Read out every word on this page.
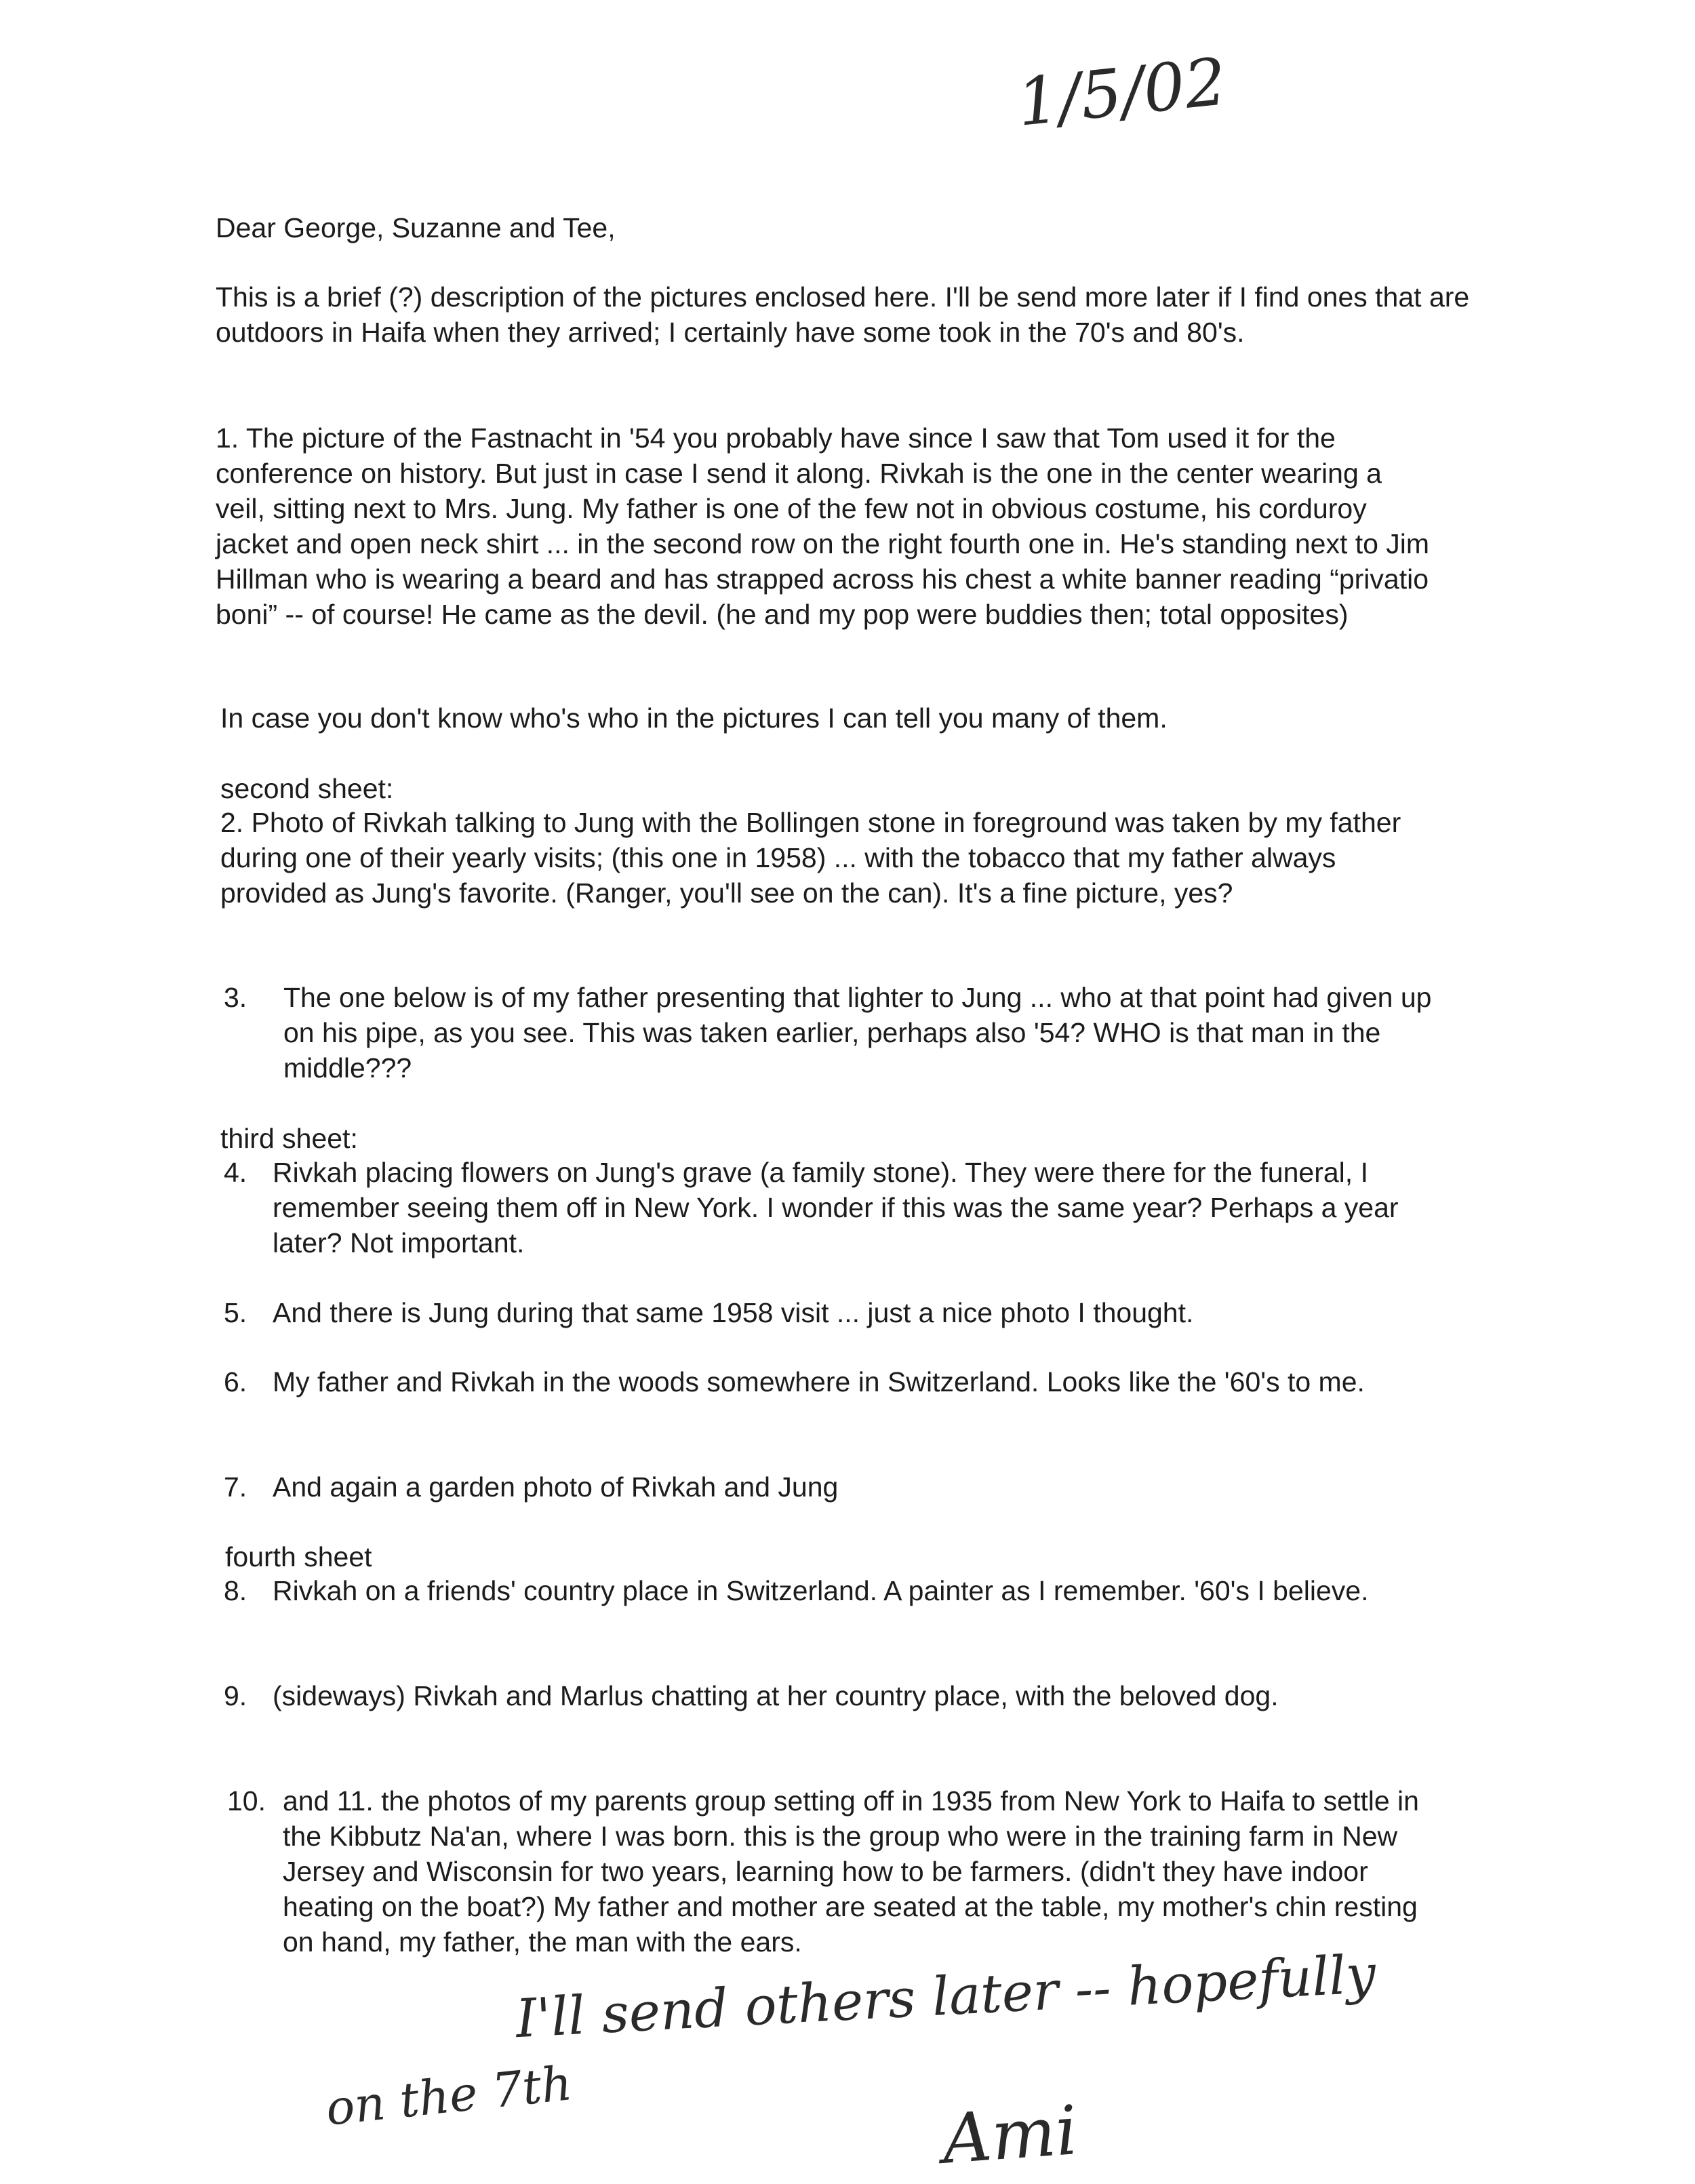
1/5/02
Dear George, Suzanne and Tee,

This is a brief (?) description of the pictures enclosed here. I'll be send more later if I find ones that are outdoors in Haifa when they arrived; I certainly have some took in the 70's and 80's.

1. The picture of the Fastnacht in '54 you probably have since I saw that Tom used it for the conference on history. But just in case I send it along. Rivkah is the one in the center wearing a veil, sitting next to Mrs. Jung. My father is one of the few not in obvious costume, his corduroy jacket and open neck shirt ... in the second row on the right fourth one in. He's standing next to Jim Hillman who is wearing a beard and has strapped across his chest a white banner reading “privatio boni” -- of course! He came as the devil. (he and my pop were buddies then; total opposites)

In case you don't know who's who in the pictures I can tell you many of them.
second sheet:

2. Photo of Rivkah talking to Jung with the Bollingen stone in foreground was taken by my father during one of their yearly visits; (this one in 1958) ... with the tobacco that my father always provided as Jung's favorite. (Ranger, you'll see on the can). It's a fine picture, yes?

3. The one below is of my father presenting that lighter to Jung ... who at that point had given up on his pipe, as you see. This was taken earlier, perhaps also '54? WHO is that man in the middle???
third sheet:
4. Rivkah placing flowers on Jung's grave (a family stone). They were there for the funeral, I remember seeing them off in New York. I wonder if this was the same year? Perhaps a year later? Not important.
5. And there is Jung during that same 1958 visit ... just a nice photo I thought.
6. My father and Rivkah in the woods somewhere in Switzerland. Looks like the '60's to me.
7. And again a garden photo of Rivkah and Jung
fourth sheet
8. Rivkah on a friends' country place in Switzerland. A painter as I remember. '60's I believe.
9. (sideways) Rivkah and Marlus chatting at her country place, with the beloved dog.
10. and 11. the photos of my parents group setting off in 1935 from New York to Haifa to settle in the Kibbutz Na'an, where I was born. this is the group who were in the training farm in New Jersey and Wisconsin for two years, learning how to be farmers. (didn't they have indoor heating on the boat?) My father and mother are seated at the table, my mother's chin resting on hand, my father, the man with the ears.
I'll send others later -- hopefully
on the 7th	Ami
